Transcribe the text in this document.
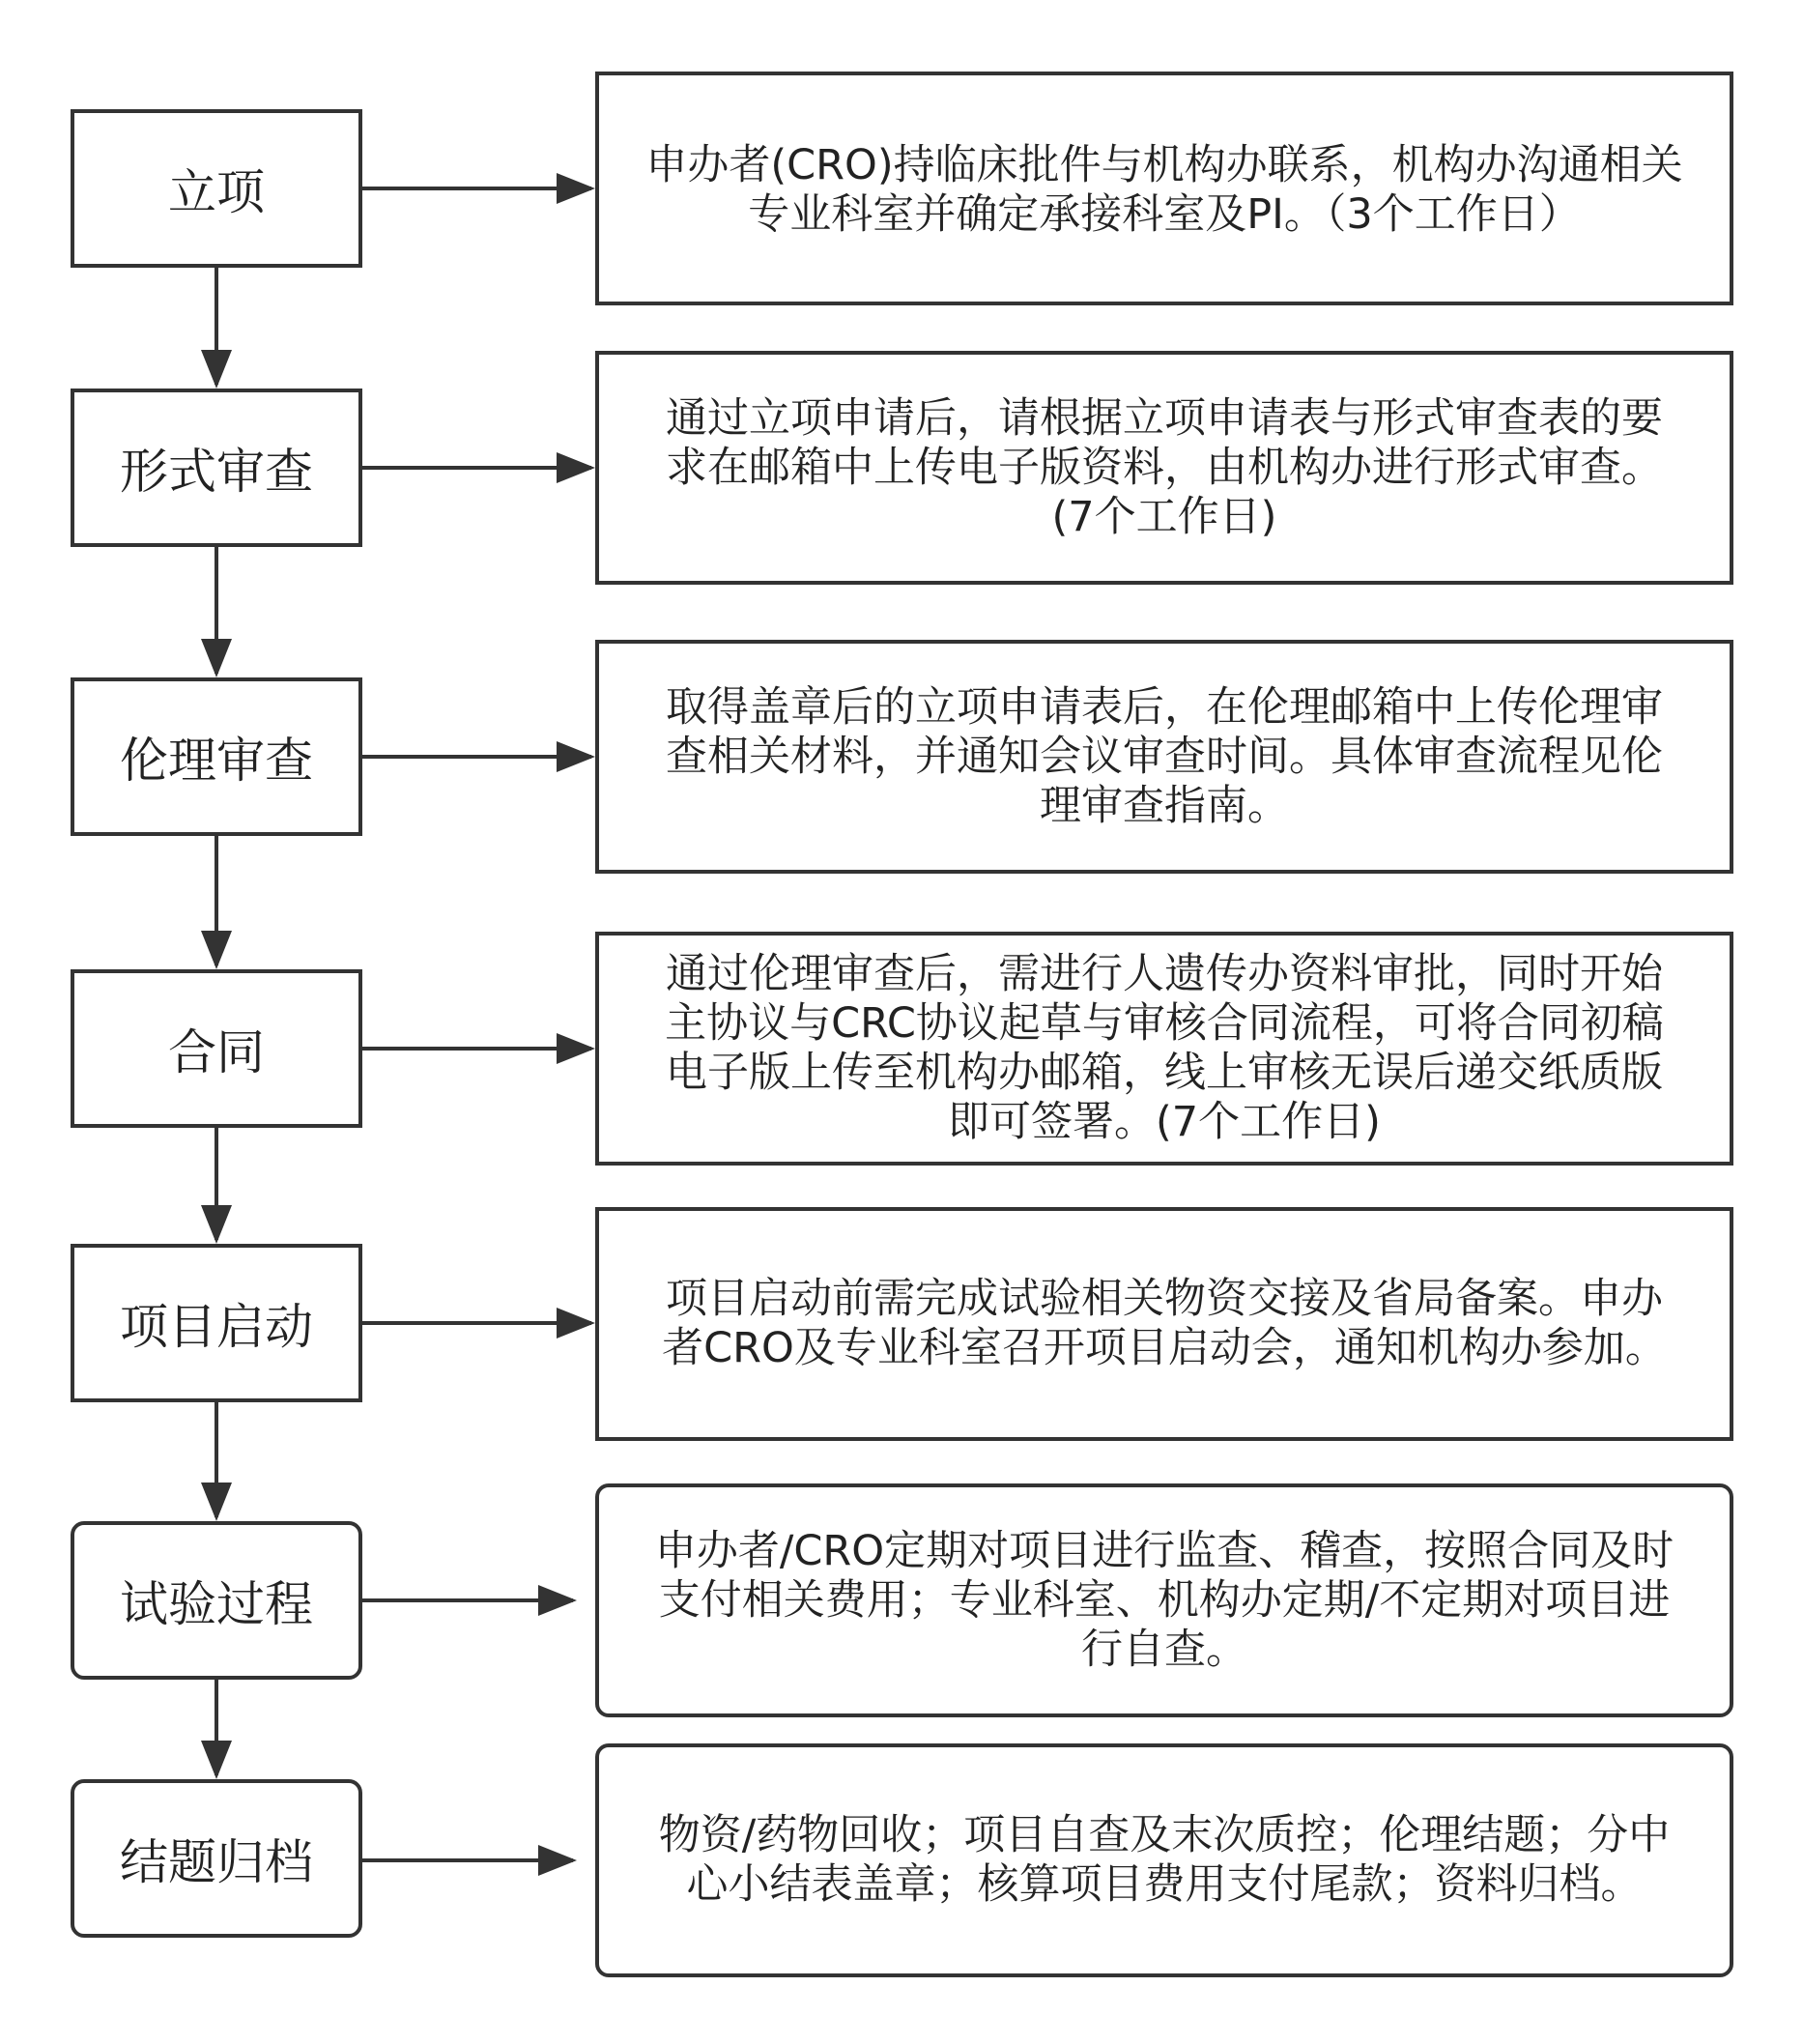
立项
形式审查
伦理审查
合同
项目启动
试验过程
结题归档
申办者(CRO)持临床批件与机构办联系，机构办沟通相关
专业科室并确定承接科室及PI。（3个工作日）
通过立项申请后，请根据立项申请表与形式审查表的要
求在邮箱中上传电子版资料，由机构办进行形式审查。
(7个工作日)
取得盖章后的立项申请表后，在伦理邮箱中上传伦理审
查相关材料，并通知会议审查时间。具体审查流程见伦
理审查指南。
通过伦理审查后，需进行人遗传办资料审批，同时开始
主协议与CRC协议起草与审核合同流程，可将合同初稿
电子版上传至机构办邮箱，线上审核无误后递交纸质版
即可签署。(7个工作日)
项目启动前需完成试验相关物资交接及省局备案。申办
者CRO及专业科室召开项目启动会，通知机构办参加。
申办者/CRO定期对项目进行监查、稽查，按照合同及时
支付相关费用；专业科室、机构办定期/不定期对项目进
行自查。
物资/药物回收；项目自查及末次质控；伦理结题；分中
心小结表盖章；核算项目费用支付尾款；资料归档。
